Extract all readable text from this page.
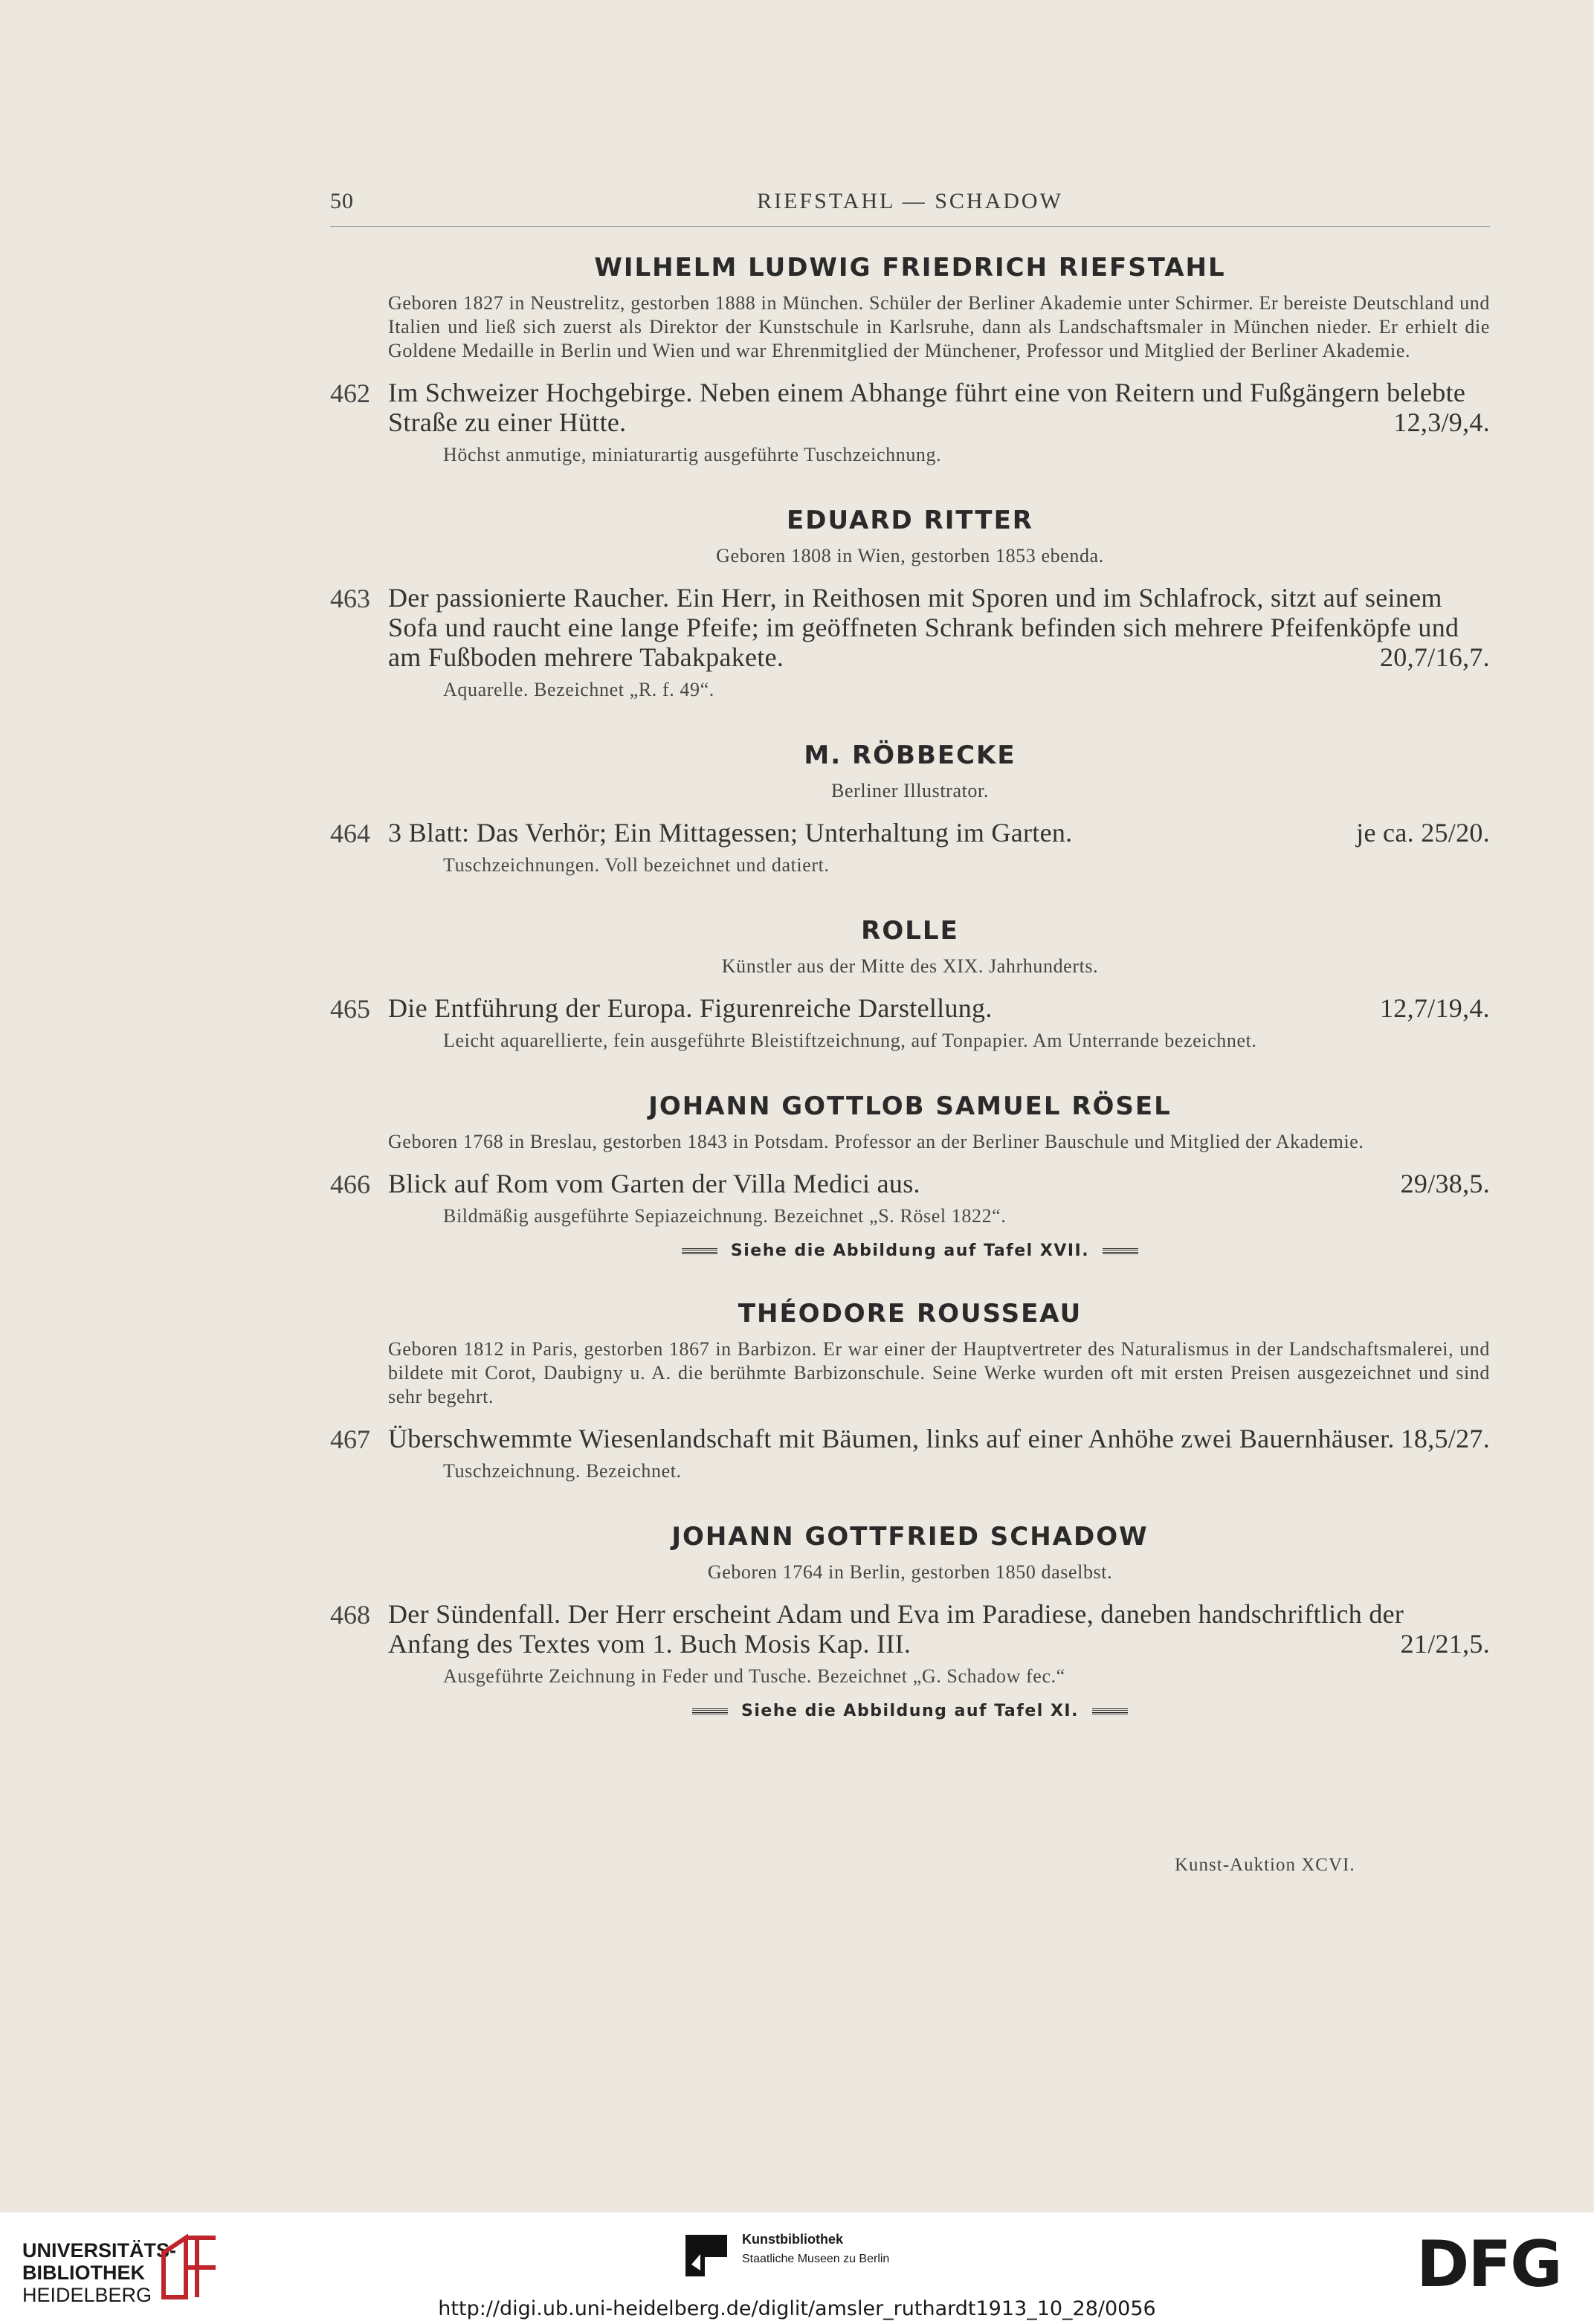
50	RIEFSTAHL — SCHADOW
WILHELM LUDWIG FRIEDRICH RIEFSTAHL

Geboren 1827 in Neustrelitz, gestorben 1888 in München. Schüler der Berliner Akademie unter Schirmer. Er bereiste Deutschland und Italien und ließ sich zuerst als Direktor der Kunstschule in Karlsruhe, dann als Landschaftsmaler in München nieder. Er erhielt die Goldene Medaille in Berlin und Wien und war Ehrenmitglied der Münchener, Professor und Mitglied der Berliner Akademie.

462 Im Schweizer Hochgebirge. Neben einem Abhange führt eine von Reitern und Fußgängern belebte Straße zu einer Hütte.	12,3/9,4.

Höchst anmutige, miniaturartig ausgeführte Tuschzeichnung.

EDUARD RITTER

Geboren 1808 in Wien, gestorben 1853 ebenda.

463 Der passionierte Raucher. Ein Herr, in Reithosen mit Sporen und im Schlafrock, sitzt auf seinem Sofa und raucht eine lange Pfeife; im geöffneten Schrank befinden sich mehrere Pfeifenköpfe und am Fußboden mehrere Tabakpakete.	20,7/16,7.

Aquarelle. Bezeichnet „R. f. 49“.

M. RÖBBECKE

Berliner Illustrator.

464 3 Blatt: Das Verhör; Ein Mittagessen; Unterhaltung im Garten.	je ca. 25/20.

Tuschzeichnungen. Voll bezeichnet und datiert.

ROLLE

Künstler aus der Mitte des XIX. Jahrhunderts.

465 Die Entführung der Europa. Figurenreiche Darstellung.	12,7/19,4.

Leicht aquarellierte, fein ausgeführte Bleistiftzeichnung, auf Tonpapier. Am Unterrande bezeichnet.

JOHANN GOTTLOB SAMUEL RÖSEL

Geboren 1768 in Breslau, gestorben 1843 in Potsdam. Professor an der Berliner Bauschule und Mitglied der Akademie.

466 Blick auf Rom vom Garten der Villa Medici aus.	29/38,5.

Bildmäßig ausgeführte Sepiazeichnung. Bezeichnet „S. Rösel 1822“.

Siehe die Abbildung auf Tafel XVII.
THÉODORE ROUSSEAU

Geboren 1812 in Paris, gestorben 1867 in Barbizon. Er war einer der Hauptvertreter des Naturalismus in der Landschaftsmalerei, und bildete mit Corot, Daubigny u. A. die berühmte Barbizonschule. Seine Werke wurden oft mit ersten Preisen ausgezeichnet und sind sehr begehrt.

467 Überschwemmte Wiesenlandschaft mit Bäumen, links auf einer Anhöhe zwei Bauernhäuser. 18,5/27.

Tuschzeichnung. Bezeichnet.

JOHANN GOTTFRIED SCHADOW

Geboren 1764 in Berlin, gestorben 1850 daselbst.

468 Der Sündenfall. Der Herr erscheint Adam und Eva im Paradiese, daneben handschriftlich der Anfang des Textes vom 1. Buch Mosis Kap. III.	21/21,5.

Ausgeführte Zeichnung in Feder und Tusche. Bezeichnet „G. Schadow fec.“

Siehe die Abbildung auf Tafel XI.
Kunst-Auktion XCVI.
UNIVERSITÄTS-
BIBLIOTHEK
HEIDELBERG
Kunstbibliothek
Staatliche Museen zu Berlin	DFG
http://digi.ub.uni-heidelberg.de/diglit/amsler_ruthardt1913_10_28/0056
